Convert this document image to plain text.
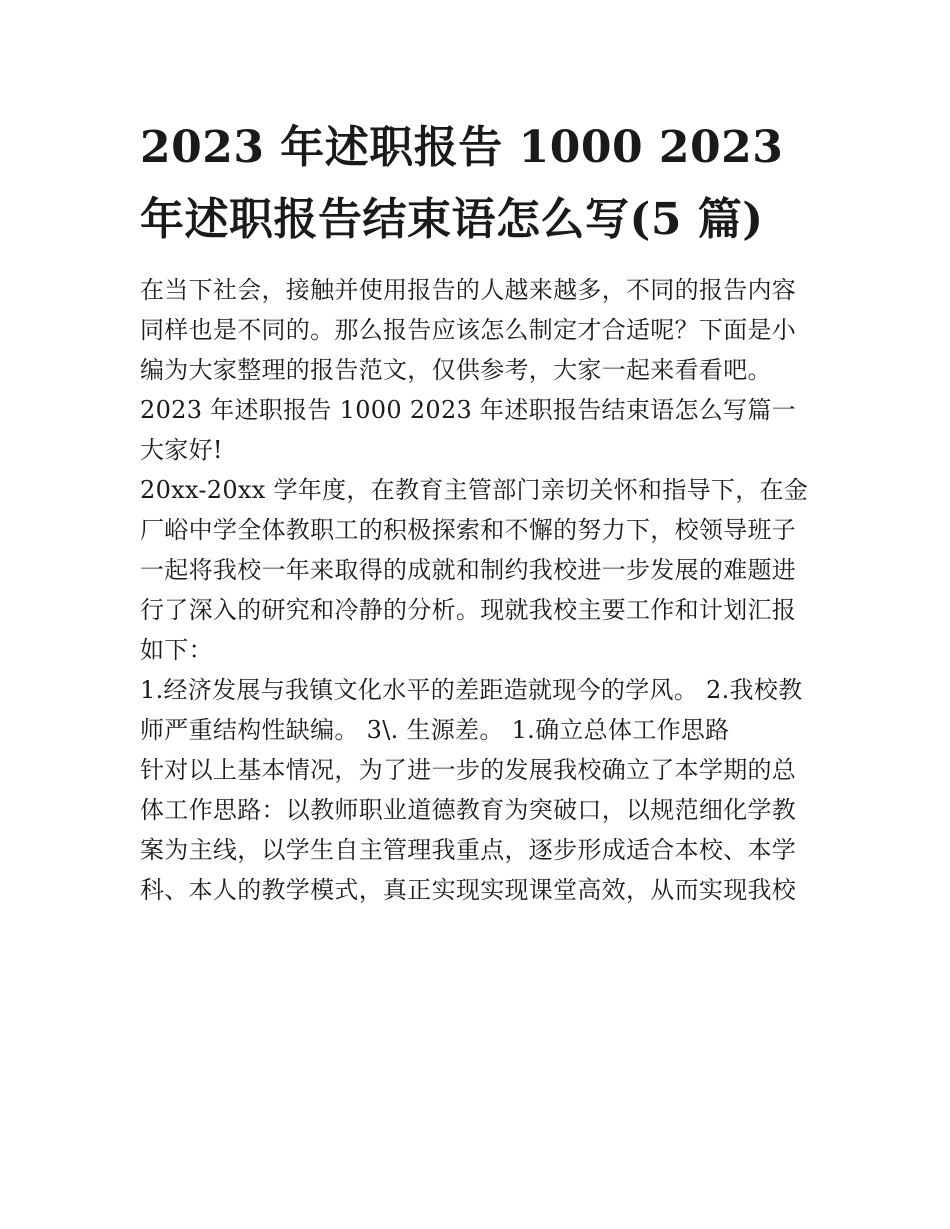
2023 年述职报告 1000 2023 年述职报告结束语怎么写(5 篇)

在当下社会，接触并使用报告的人越来越多，不同的报告内容同样也是不同的。那么报告应该怎么制定才合适呢？下面是小编为大家整理的报告范文，仅供参考，大家一起来看看吧。

2023 年述职报告 1000 2023 年述职报告结束语怎么写篇一 大家好!

20xx-20xx 学年度，在教育主管部门亲切关怀和指导下，在金厂峪中学全体教职工的积极探索和不懈的努力下，校领导班子一起将我校一年来取得的成就和制约我校进一步发展的难题进行了深入的研究和冷静的分析。现就我校主要工作和计划汇报如下：

1.经济发展与我镇文化水平的差距造就现今的学风。 2.我校教师严重结构性缺编。 3\. 生源差。 1.确立总体工作思路

针对以上基本情况，为了进一步的发展我校确立了本学期的总体工作思路：以教师职业道德教育为突破口，以规范细化学教案为主线，以学生自主管理我重点，逐步形成适合本校、本学科、本人的教学模式，真正实现实现课堂高效，从而实现我校
